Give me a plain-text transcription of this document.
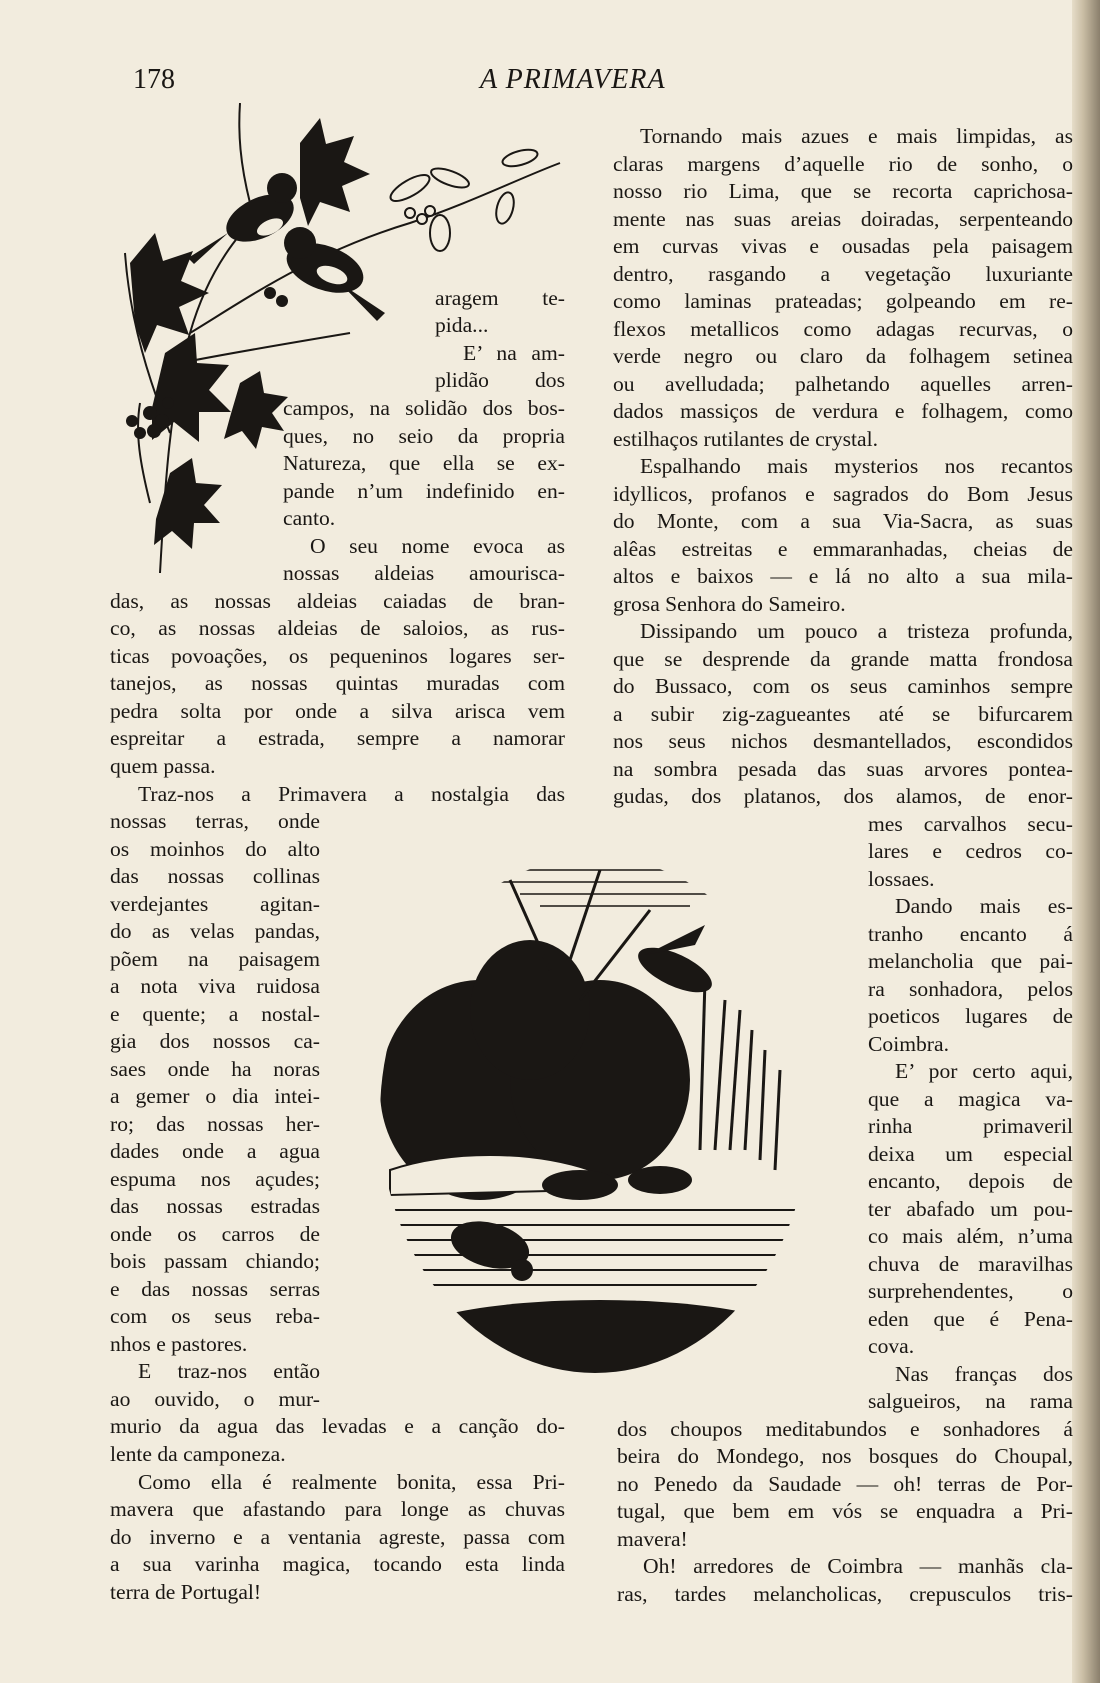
178	A PRIMAVERA

aragem te-

pida...

E’ na am-

plidão dos

campos, na solidão dos bos-

ques, no seio da propria

Natureza, que ella se ex-

pande n’um indefinido en-

canto.

O seu nome evoca as

nossas aldeias amourisca-

das, as nossas aldeias caiadas de bran-

co, as nossas aldeias de saloios, as rus-

ticas povoações, os pequeninos logares ser-

tanejos, as nossas quintas muradas com

pedra solta por onde a silva arisca vem

espreitar a estrada, sempre a namorar

quem passa.

Traz-nos a Primavera a nostalgia das

nossas terras, onde

os moinhos do alto

das nossas collinas

verdejantes agitan-

do as velas pandas,

põem na paisagem

a nota viva ruidosa

e quente; a nostal-

gia dos nossos ca-

saes onde ha noras

a gemer o dia intei-

ro; das nossas her-

dades onde a agua

espuma nos açudes;

das nossas estradas

onde os carros de

bois passam chiando;

e das nossas serras

com os seus reba-

nhos e pastores.

E traz-nos então

ao ouvido, o mur-

murio da agua das levadas e a canção do-

lente da camponeza.

Como ella é realmente bonita, essa Pri-

mavera que afastando para longe as chuvas

do inverno e a ventania agreste, passa com

a sua varinha magica, tocando esta linda

terra de Portugal!

Tornando mais azues e mais limpidas, as

claras margens d’aquelle rio de sonho, o

nosso rio Lima, que se recorta caprichosa-

mente nas suas areias doiradas, serpenteando

em curvas vivas e ousadas pela paisagem

dentro, rasgando a vegetação luxuriante

como laminas prateadas; golpeando em re-

flexos metallicos como adagas recurvas, o

verde negro ou claro da folhagem setinea

ou avelludada; palhetando aquelles arren-

dados massiços de verdura e folhagem, como

estilhaços rutilantes de crystal.

Espalhando mais mysterios nos recantos

idyllicos, profanos e sagrados do Bom Jesus

do Monte, com a sua Via-Sacra, as suas

alêas estreitas e emmaranhadas, cheias de

altos e baixos — e lá no alto a sua mila-

grosa Senhora do Sameiro.

Dissipando um pouco a tristeza profunda,

que se desprende da grande matta frondosa

do Bussaco, com os seus caminhos sempre

a subir zig-zagueantes até se bifurcarem

nos seus nichos desmantellados, escondidos

na sombra pesada das suas arvores pontea-

gudas, dos platanos, dos alamos, de enor-

mes carvalhos secu-

lares e cedros co-

lossaes.

Dando mais es-

tranho encanto á

melancholia que pai-

ra sonhadora, pelos

poeticos lugares de

Coimbra.

E’ por certo aqui,

que a magica va-

rinha primaveril

deixa um especial

encanto, depois de

ter abafado um pou-

co mais além, n’uma

chuva de maravilhas

surprehendentes, o

eden que é Pena-

cova.

Nas franças dos

salgueiros, na rama

dos choupos meditabundos e sonhadores á

beira do Mondego, nos bosques do Choupal,

no Penedo da Saudade — oh! terras de Por-

tugal, que bem em vós se enquadra a Pri-

mavera!

Oh! arredores de Coimbra — manhãs cla-

ras, tardes melancholicas, crepusculos tris-
